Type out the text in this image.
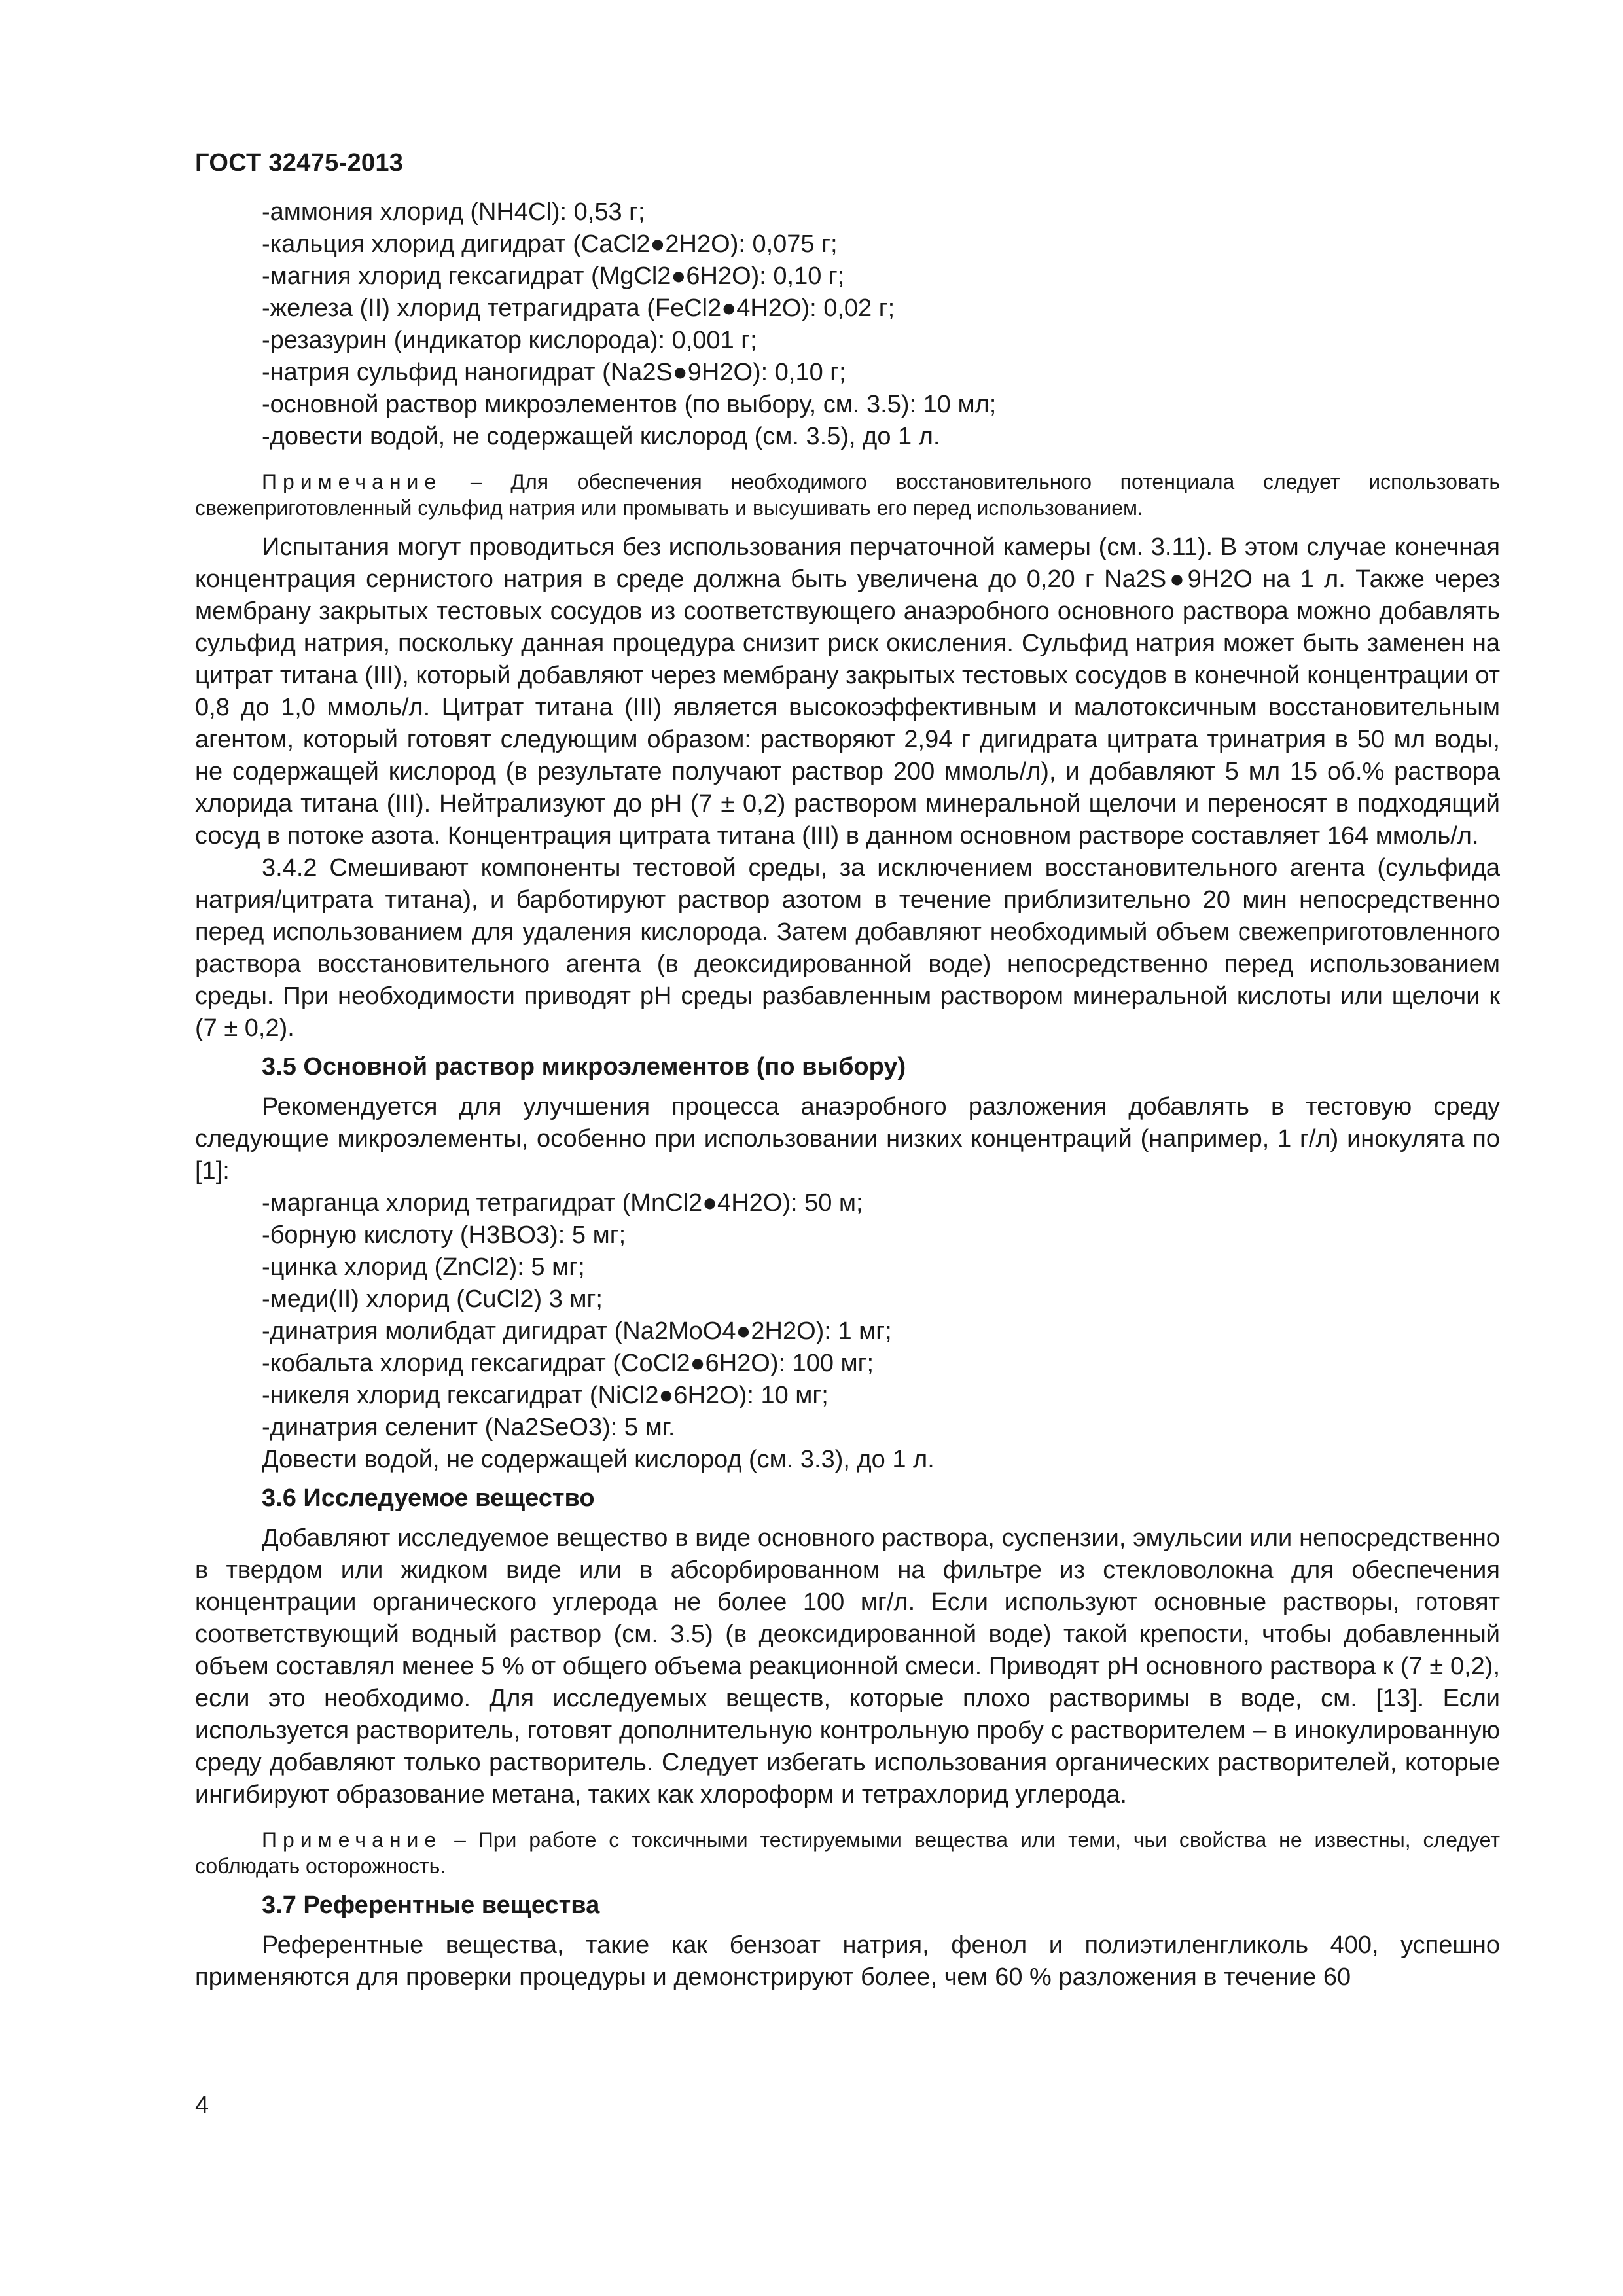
ГОСТ 32475-2013
-аммония хлорид (NH4Cl): 0,53 г;
-кальция хлорид дигидрат (CaCl2●2H2O): 0,075 г;
-магния хлорид гексагидрат (MgCl2●6H2O): 0,10 г;
-железа (II) хлорид тетрагидрата (FeCl2●4H2O): 0,02 г;
-резазурин (индикатор кислорода): 0,001 г;
-натрия сульфид наногидрат (Na2S●9H2O): 0,10 г;
-основной раствор микроэлементов (по выбору, см. 3.5): 10 мл;
-довести водой, не содержащей кислород (см. 3.5), до 1 л.

Примечание – Для обеспечения необходимого восстановительного потенциала следует использовать свежеприготовленный сульфид натрия или промывать и высушивать его перед использованием.

Испытания могут проводиться без использования перчаточной камеры (см. 3.11). В этом случае конечная концентрация сернистого натрия в среде должна быть увеличена до 0,20 г Na2S●9H2O на 1 л. Также через мембрану закрытых тестовых сосудов из соответствующего анаэробного основного раствора можно добавлять сульфид натрия, поскольку данная процедура снизит риск окисления. Сульфид натрия может быть заменен на цитрат титана (III), который добавляют через мембрану закрытых тестовых сосудов в конечной концентрации от 0,8 до 1,0 ммоль/л. Цитрат титана (III) является высокоэффективным и малотоксичным восстановительным агентом, который готовят следующим образом: растворяют 2,94 г дигидрата цитрата тринатрия в 50 мл воды, не содержащей кислород (в результате получают раствор 200 ммоль/л), и добавляют 5 мл 15 об.% раствора хлорида титана (III). Нейтрализуют до pH (7 ± 0,2) раствором минеральной щелочи и переносят в подходящий сосуд в потоке азота. Концентрация цитрата титана (III) в данном основном растворе составляет 164 ммоль/л.

3.4.2 Смешивают компоненты тестовой среды, за исключением восстановительного агента (сульфида натрия/цитрата титана), и барботируют раствор азотом в течение приблизительно 20 мин непосредственно перед использованием для удаления кислорода. Затем добавляют необходимый объем свежеприготовленного раствора восстановительного агента (в деоксидированной воде) непосредственно перед использованием среды. При необходимости приводят pH среды разбавленным раствором минеральной кислоты или щелочи к (7 ± 0,2).

3.5 Основной раствор микроэлементов (по выбору)

Рекомендуется для улучшения процесса анаэробного разложения добавлять в тестовую среду следующие микроэлементы, особенно при использовании низких концентраций (например, 1 г/л) инокулята по [1]:

-марганца хлорид тетрагидрат (MnCl2●4H2O): 50 м;
-борную кислоту (H3BO3): 5 мг;
-цинка хлорид (ZnCl2): 5 мг;
-меди(II) хлорид (CuCl2) 3 мг;
-динатрия молибдат дигидрат (Na2MoO4●2H2O): 1 мг;
-кобальта хлорид гексагидрат (CoCl2●6H2O): 100 мг;
-никеля хлорид гексагидрат (NiCl2●6H2O): 10 мг;
-динатрия селенит (Na2SeO3): 5 мг.
Довести водой, не содержащей кислород (см. 3.3), до 1 л.
3.6 Исследуемое вещество

Добавляют исследуемое вещество в виде основного раствора, суспензии, эмульсии или непосредственно в твердом или жидком виде или в абсорбированном на фильтре из стекловолокна для обеспечения концентрации органического углерода не более 100 мг/л. Если используют основные растворы, готовят соответствующий водный раствор (см. 3.5) (в деоксидированной воде) такой крепости, чтобы добавленный объем составлял менее 5 % от общего объема реакционной смеси. Приводят pH основного раствора к (7 ± 0,2), если это необходимо. Для исследуемых веществ, которые плохо растворимы в воде, см. [13]. Если используется растворитель, готовят дополнительную контрольную пробу с растворителем – в инокулированную среду добавляют только растворитель. Следует избегать использования органических растворителей, которые ингибируют образование метана, таких как хлороформ и тетрахлорид углерода.

Примечание – При работе с токсичными тестируемыми вещества или теми, чьи свойства не известны, следует соблюдать осторожность.

3.7 Референтные вещества

Референтные вещества, такие как бензоат натрия, фенол и полиэтиленгликоль 400, успешно применяются для проверки процедуры и демонстрируют более, чем 60 % разложения в течение 60

4
